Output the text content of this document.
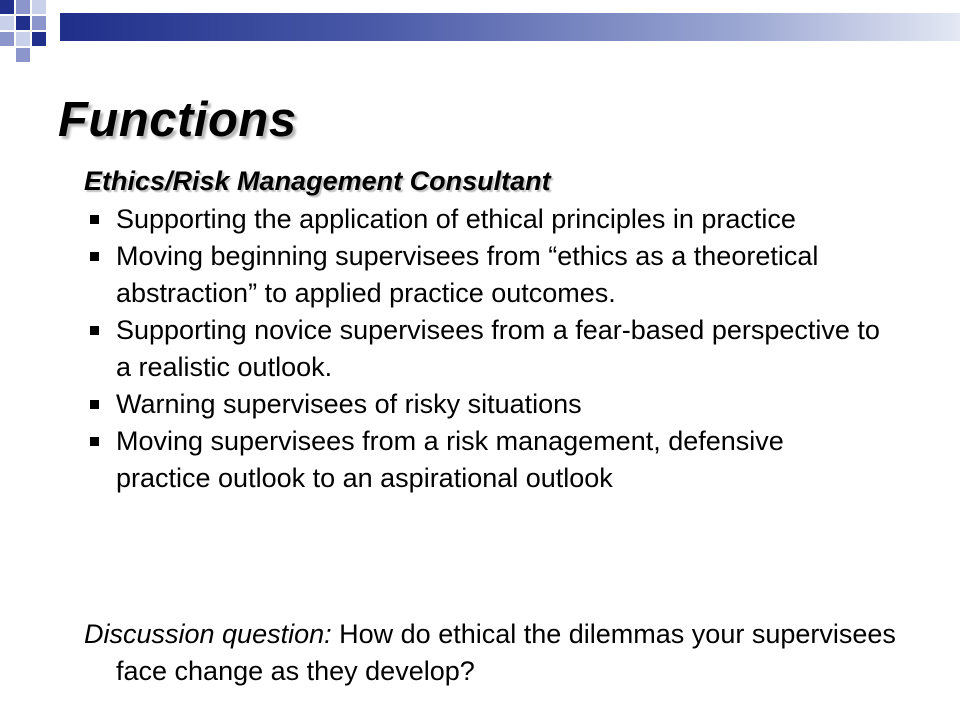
Functions
Ethics/Risk Management Consultant
Supporting the application of ethical principles in practice
Moving beginning supervisees from “ethics as a theoretical abstraction” to applied practice outcomes.
Supporting novice supervisees from a fear-based perspective to a realistic outlook.
Warning supervisees of risky situations
Moving supervisees from a risk management, defensive practice outlook to an aspirational outlook
Discussion question: How do ethical the dilemmas your supervisees face change as they develop?
